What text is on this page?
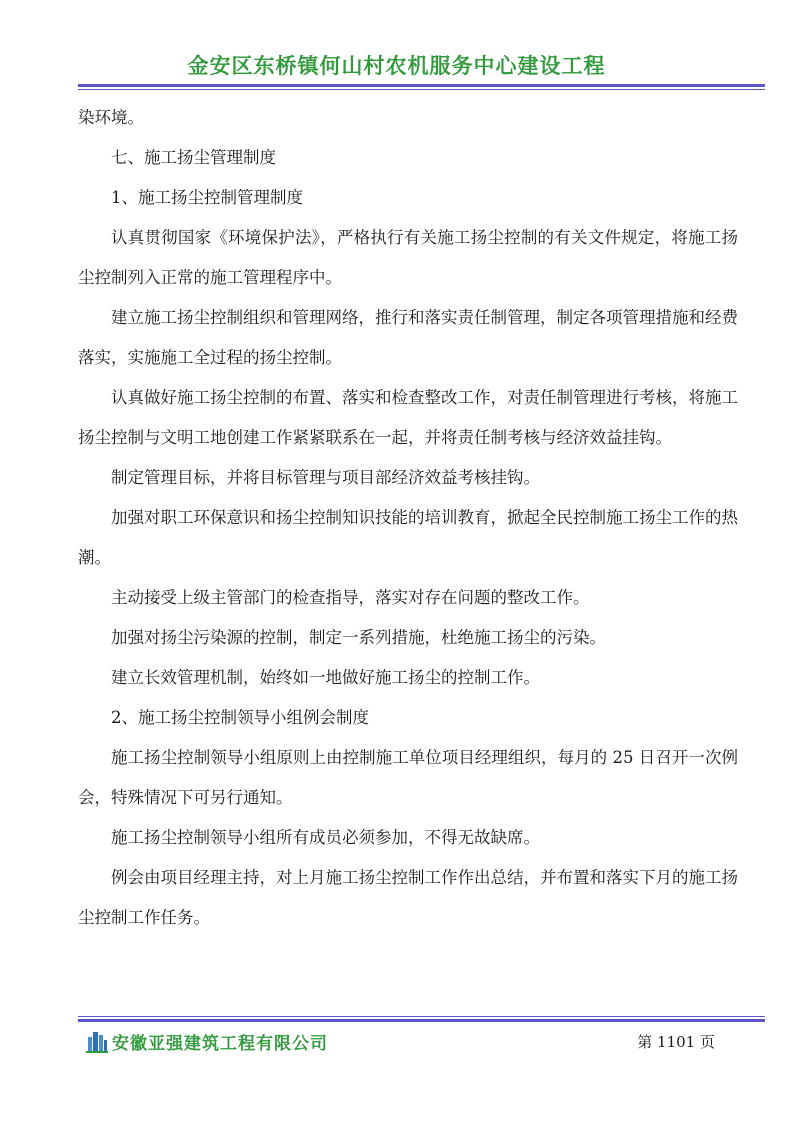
金安区东桥镇何山村农机服务中心建设工程

染环境。

七、施工扬尘管理制度

1、施工扬尘控制管理制度

认真贯彻国家《环境保护法》，严格执行有关施工扬尘控制的有关文件规定，将施工扬尘控制列入正常的施工管理程序中。

建立施工扬尘控制组织和管理网络，推行和落实责任制管理，制定各项管理措施和经费落实，实施施工全过程的扬尘控制。

认真做好施工扬尘控制的布置、落实和检查整改工作，对责任制管理进行考核，将施工扬尘控制与文明工地创建工作紧紧联系在一起，并将责任制考核与经济效益挂钩。

制定管理目标，并将目标管理与项目部经济效益考核挂钩。

加强对职工环保意识和扬尘控制知识技能的培训教育，掀起全民控制施工扬尘工作的热潮。

主动接受上级主管部门的检查指导，落实对存在问题的整改工作。

加强对扬尘污染源的控制，制定一系列措施，杜绝施工扬尘的污染。

建立长效管理机制，始终如一地做好施工扬尘的控制工作。

2、施工扬尘控制领导小组例会制度

施工扬尘控制领导小组原则上由控制施工单位项目经理组织，每月的 25 日召开一次例会，特殊情况下可另行通知。

施工扬尘控制领导小组所有成员必须参加，不得无故缺席。

例会由项目经理主持，对上月施工扬尘控制工作作出总结，并布置和落实下月的施工扬尘控制工作任务。

安徽亚强建筑工程有限公司	第 1101 页
